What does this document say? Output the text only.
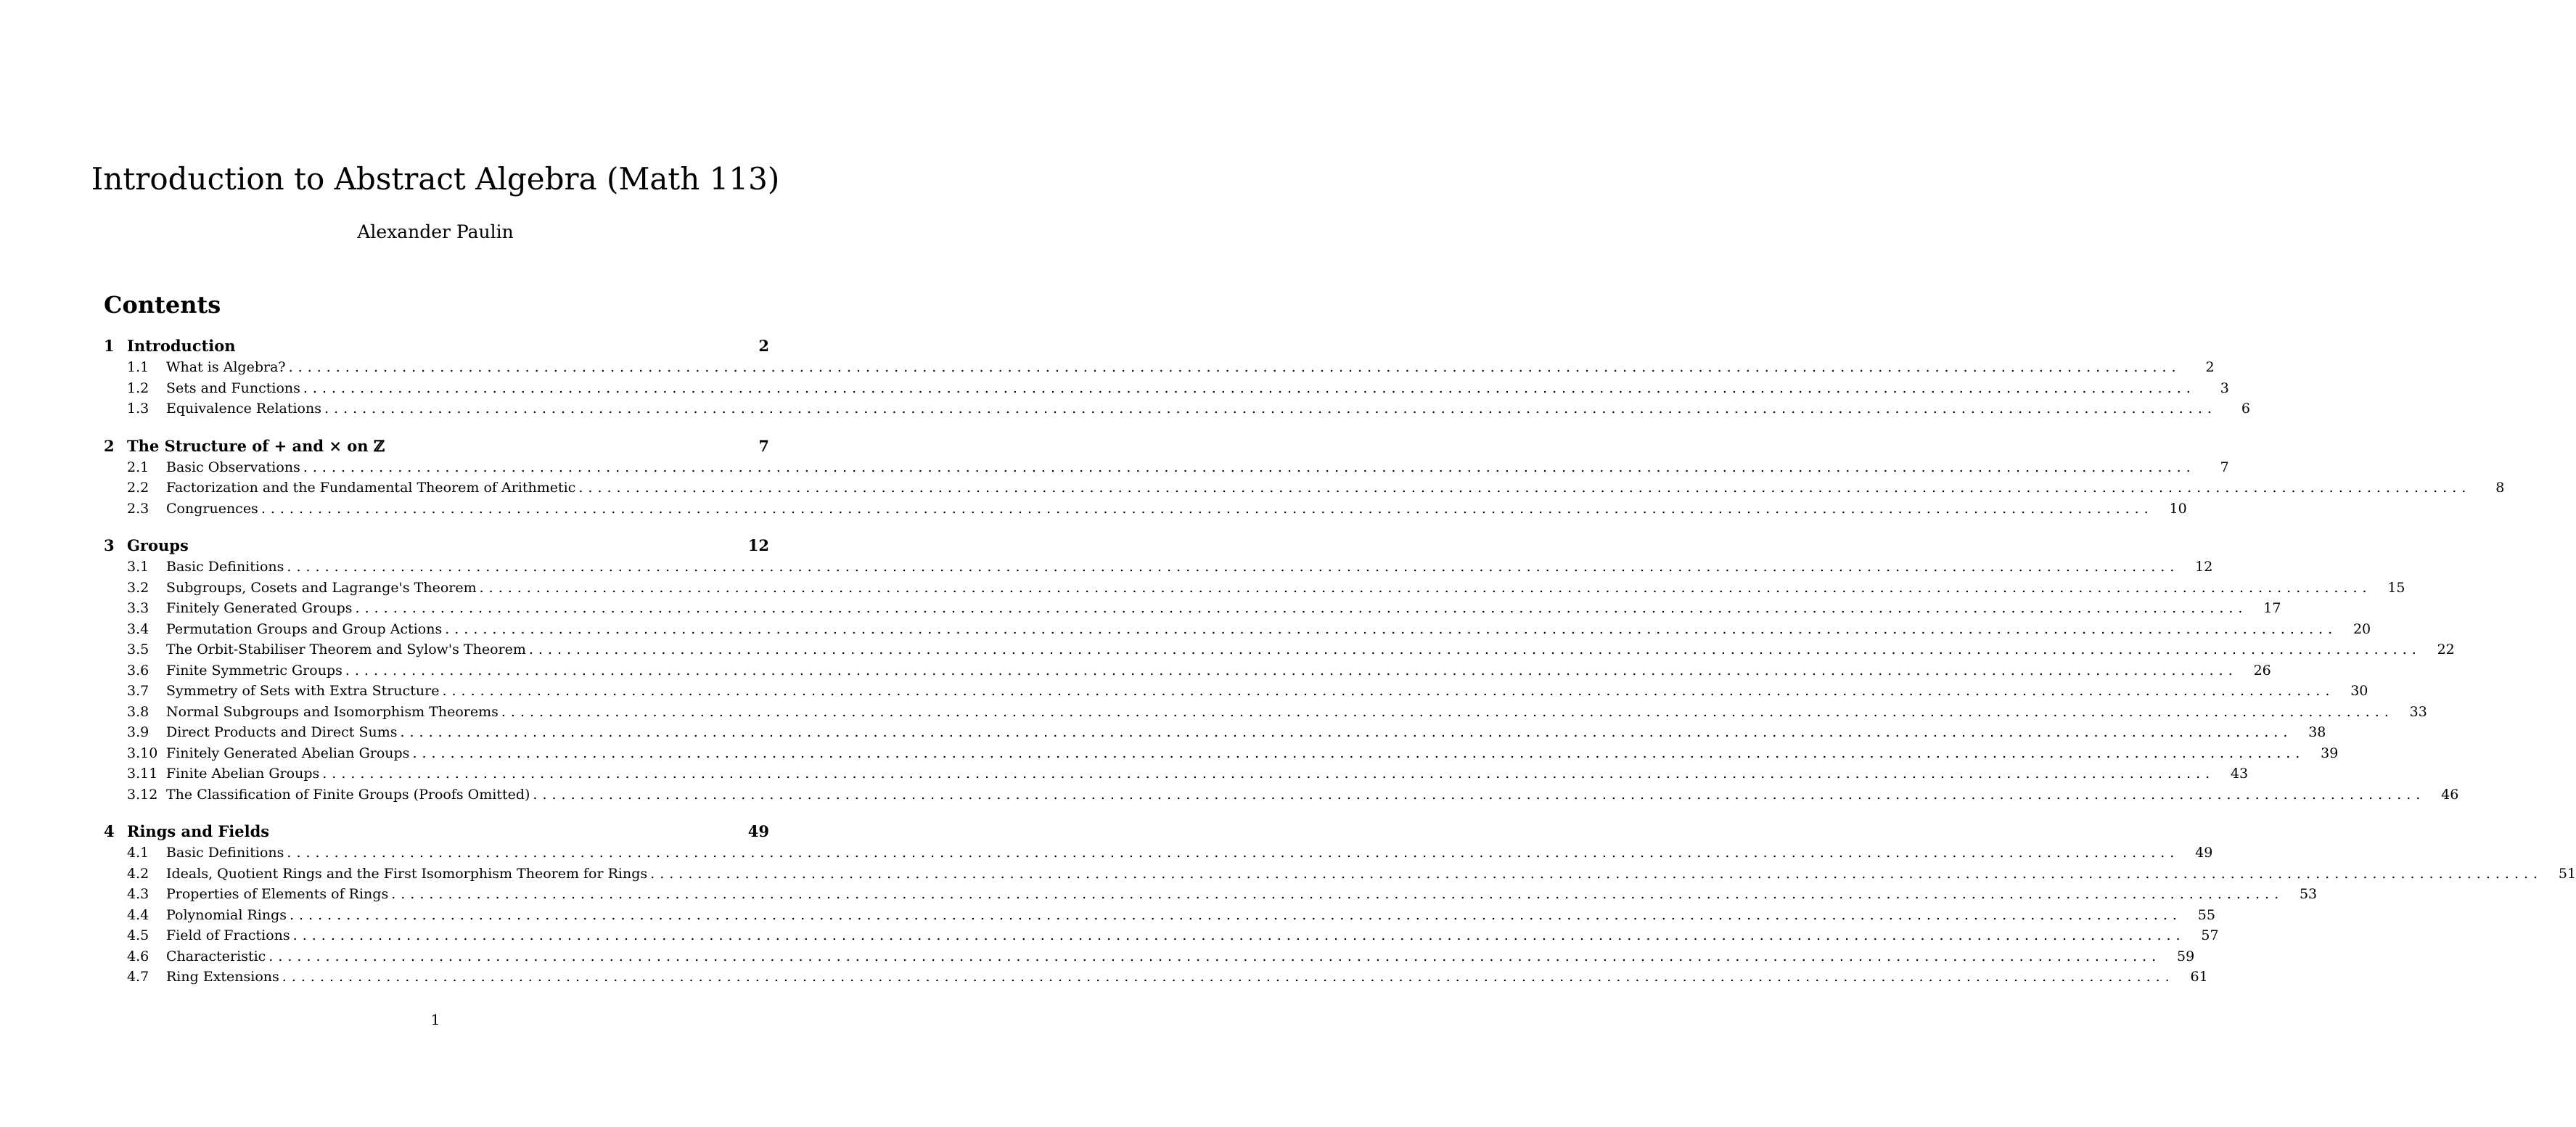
Introduction to Abstract Algebra (Math 113)
Alexander Paulin
Contents
1 Introduction	2
1.1	What is Algebra? ........................................................................................................................................................................................................	2
1.2	Sets and Functions ........................................................................................................................................................................................................	3
1.3	Equivalence Relations ........................................................................................................................................................................................................	6
2 The Structure of + and × on ℤ	7
2.1	Basic Observations ........................................................................................................................................................................................................	7
2.2	Factorization and the Fundamental Theorem of Arithmetic ........................................................................................................................................................................................................	8
2.3	Congruences ........................................................................................................................................................................................................	10
3 Groups	12
3.1	Basic Definitions ........................................................................................................................................................................................................	12
3.2	Subgroups, Cosets and Lagrange's Theorem ........................................................................................................................................................................................................	15
3.3	Finitely Generated Groups ........................................................................................................................................................................................................	17
3.4	Permutation Groups and Group Actions ........................................................................................................................................................................................................	20
3.5	The Orbit-Stabiliser Theorem and Sylow's Theorem ........................................................................................................................................................................................................	22
3.6	Finite Symmetric Groups ........................................................................................................................................................................................................	26
3.7	Symmetry of Sets with Extra Structure ........................................................................................................................................................................................................	30
3.8	Normal Subgroups and Isomorphism Theorems ........................................................................................................................................................................................................	33
3.9	Direct Products and Direct Sums ........................................................................................................................................................................................................	38
3.10 Finitely Generated Abelian Groups ........................................................................................................................................................................................................	39
3.11 Finite Abelian Groups ........................................................................................................................................................................................................	43
3.12 The Classification of Finite Groups (Proofs Omitted) ........................................................................................................................................................................................................	46
4 Rings and Fields	49
4.1	Basic Definitions ........................................................................................................................................................................................................	49
4.2	Ideals, Quotient Rings and the First Isomorphism Theorem for Rings ........................................................................................................................................................................................................	51
4.3	Properties of Elements of Rings ........................................................................................................................................................................................................	53
4.4	Polynomial Rings ........................................................................................................................................................................................................	55
4.5	Field of Fractions ........................................................................................................................................................................................................	57
4.6	Characteristic ........................................................................................................................................................................................................	59
4.7	Ring Extensions ........................................................................................................................................................................................................	61
1
